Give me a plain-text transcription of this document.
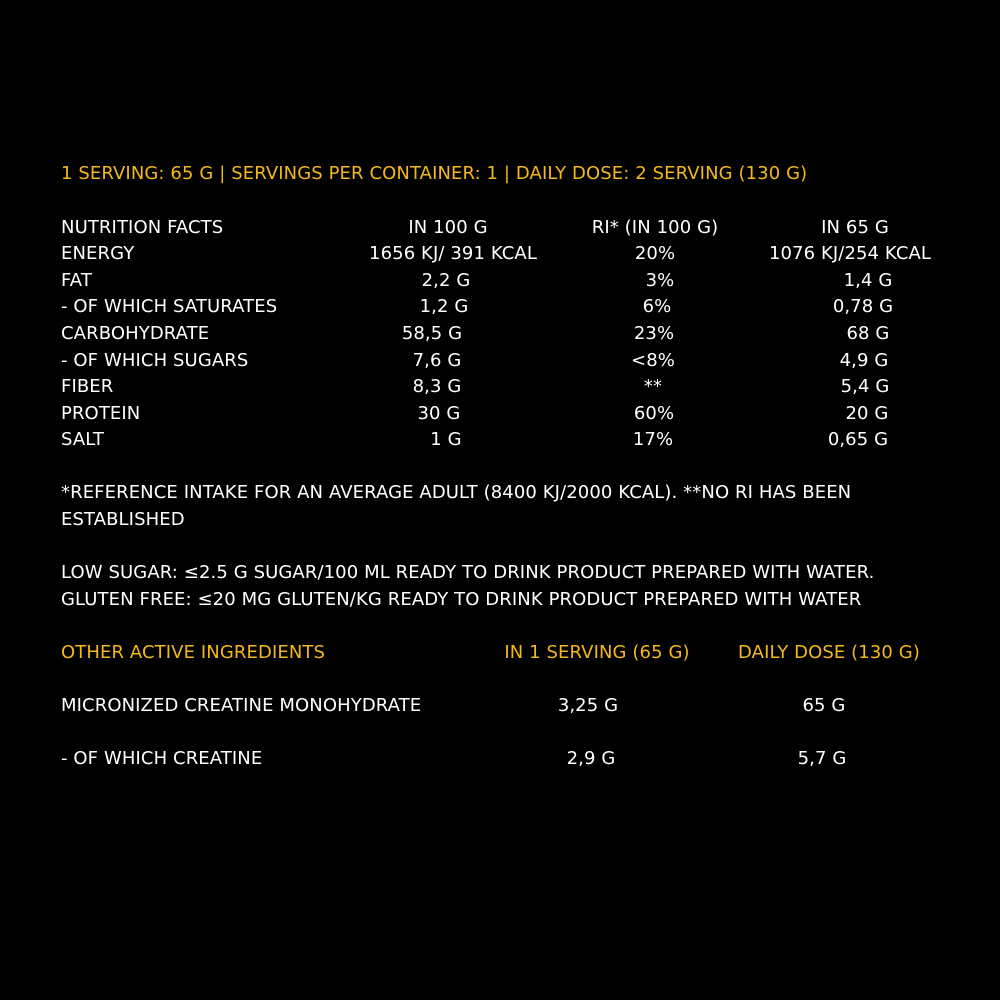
1 SERVING: 65 G | SERVINGS PER CONTAINER: 1 | DAILY DOSE: 2 SERVING (130 G)
NUTRITION FACTS	IN 100 G	RI* (IN 100 G)	IN 65 G
ENERGY	1656 KJ/ 391 KCAL	20%	1076 KJ/254 KCAL
FAT	2,2 G	3%	1,4 G
- OF WHICH SATURATES	1,2 G	6%	0,78 G
CARBOHYDRATE	58,5 G	23%	68 G
- OF WHICH SUGARS	7,6 G	<8%	4,9 G
FIBER	8,3 G	**	5,4 G
PROTEIN	30 G	60%	20 G
SALT	1 G	17%	0,65 G
*REFERENCE INTAKE FOR AN AVERAGE ADULT (8400 KJ/2000 KCAL). **NO RI HAS BEEN
ESTABLISHED
LOW SUGAR: ≤2.5 G SUGAR/100 ML READY TO DRINK PRODUCT PREPARED WITH WATER.
GLUTEN FREE: ≤20 MG GLUTEN/KG READY TO DRINK PRODUCT PREPARED WITH WATER
OTHER ACTIVE INGREDIENTS	IN 1 SERVING (65 G)	DAILY DOSE (130 G)
MICRONIZED CREATINE MONOHYDRATE	3,25 G	65 G
- OF WHICH CREATINE	2,9 G	5,7 G
